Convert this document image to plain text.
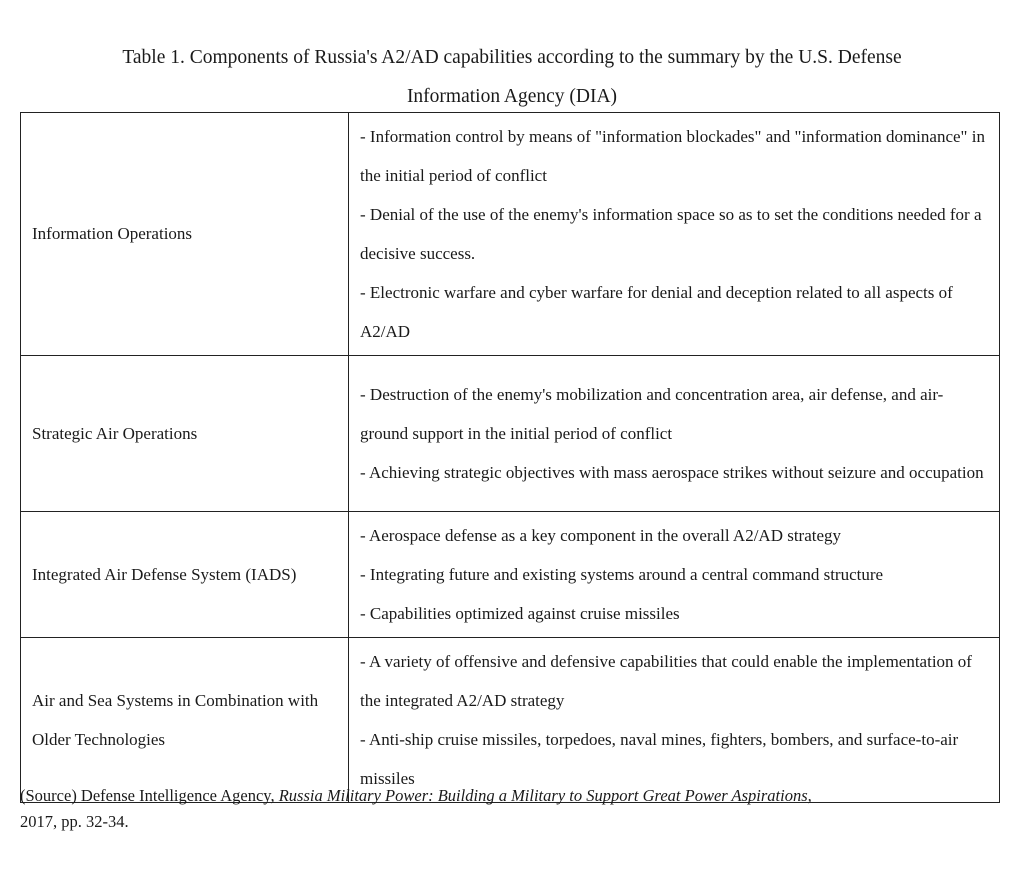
Table 1. Components of Russia's A2/AD capabilities according to the summary by the U.S. Defense
Information Agency (DIA)
Information Operations	- Information control by means of "information blockades" and "information dominance" in the initial period of conflict
- Denial of the use of the enemy's information space so as to set the conditions needed for a decisive success.
- Electronic warfare and cyber warfare for denial and deception related to all aspects of A2/AD

Strategic Air Operations	- Destruction of the enemy's mobilization and concentration area, air defense, and air-ground support in the initial period of conflict
- Achieving strategic objectives with mass aerospace strikes without seizure and occupation

Integrated Air Defense System (IADS)	- Aerospace defense as a key component in the overall A2/AD strategy
- Integrating future and existing systems around a central command structure
- Capabilities optimized against cruise missiles

Air and Sea Systems in Combination with Older Technologies	- A variety of offensive and defensive capabilities that could enable the implementation of the integrated A2/AD strategy
- Anti-ship cruise missiles, torpedoes, naval mines, fighters, bombers, and surface-to-air missiles

(Source) Defense Intelligence Agency, Russia Military Power: Building a Military to Support Great Power Aspirations,
2017, pp. 32-34.
